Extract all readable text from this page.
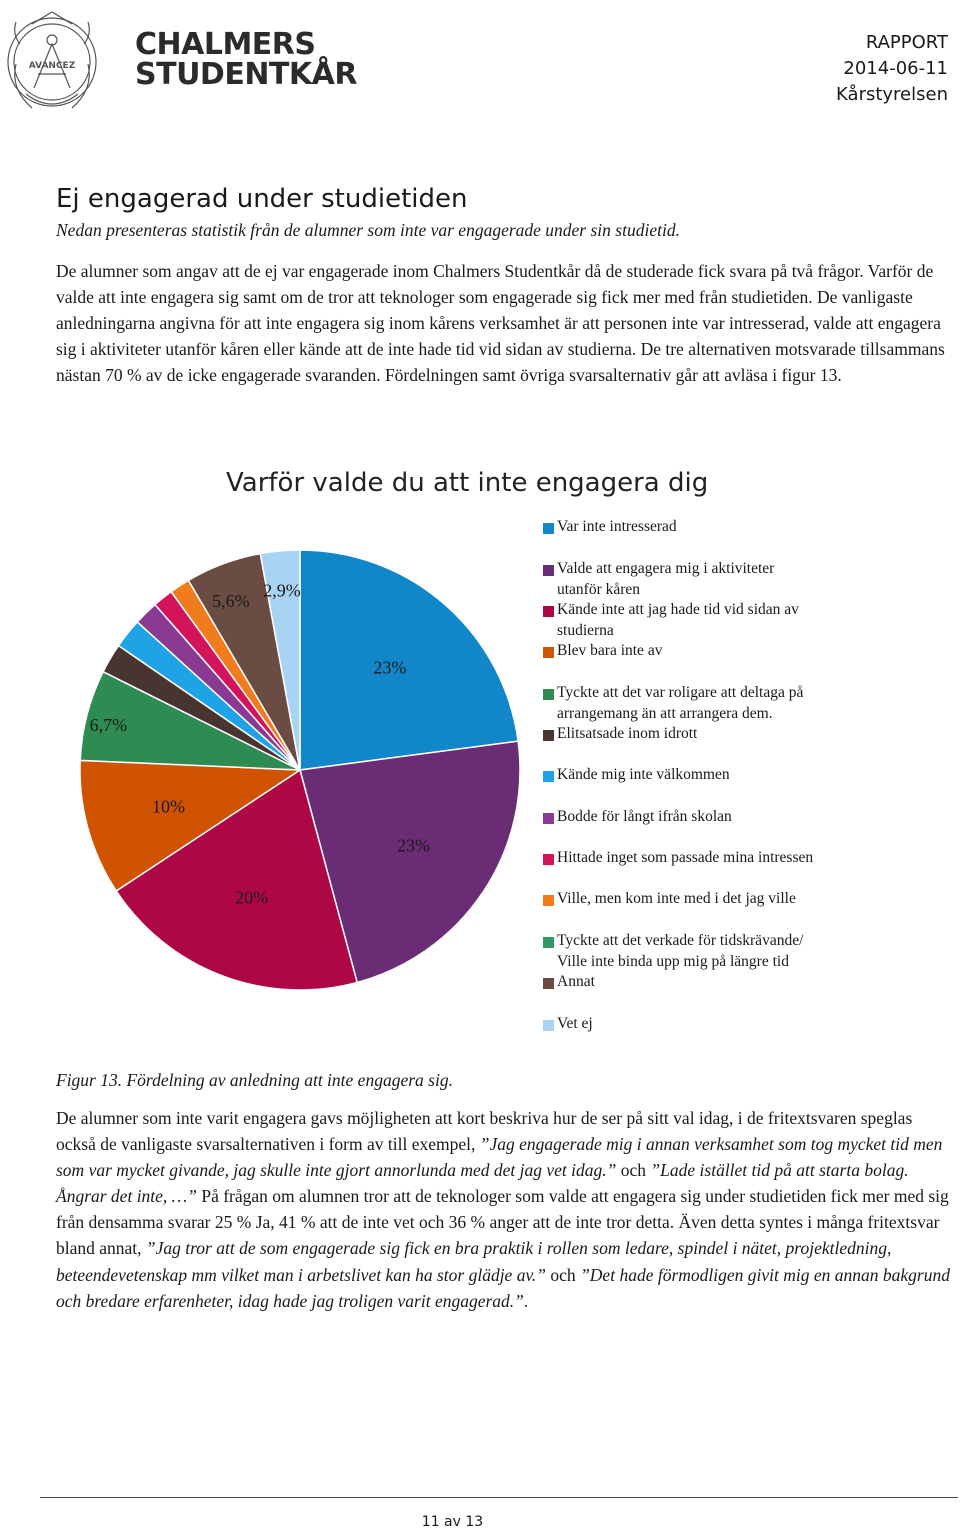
AVANCEZ
CHALMERS
STUDENTKÅR
RAPPORT
2014-06-11
Kårstyrelsen
Ej engagerad under studietiden
Nedan presenteras statistik från de alumner som inte var engagerade under sin studietid.
De alumner som angav att de ej var engagerade inom Chalmers Studentkår då de studerade fick svara på två frågor. Varför de valde att inte engagera sig samt om de tror att teknologer som engagerade sig fick mer med från studietiden. De vanligaste anledningarna angivna för att inte engagera sig inom kårens verksamhet är att personen inte var intresserad, valde att engagera sig i aktiviteter utanför kåren eller kände att de inte hade tid vid sidan av studierna. De tre alternativen motsvarade tillsammans nästan 70 % av de icke engagerade svaranden. Fördelningen samt övriga svarsalternativ går att avläsa i figur 13.
Varför valde du att inte engagera dig
23%
23%
20%
10%
6,7%
5,6%
2,9%
Var inte intresserad
Valde att engagera mig i aktiviteter
utanför kåren
Kände inte att jag hade tid vid sidan av
studierna
Blev bara inte av
Tyckte att det var roligare att deltaga på
arrangemang än att arrangera dem.
Elitsatsade inom idrott
Kände mig inte välkommen
Bodde för långt ifrån skolan
Hittade inget som passade mina intressen
Ville, men kom inte med i det jag ville
Tyckte att det verkade för tidskrävande/
Ville inte binda upp mig på längre tid
Annat
Vet ej
Figur 13. Fördelning av anledning att inte engagera sig.
De alumner som inte varit engagera gavs möjligheten att kort beskriva hur de ser på sitt val idag, i de fritextsvaren speglas också de vanligaste svarsalternativen i form av till exempel, ”Jag engagerade mig i annan verksamhet som tog mycket tid men som var mycket givande, jag skulle inte gjort annorlunda med det jag vet idag.” och ”Lade istället tid på att starta bolag. Ångrar det inte, …” På frågan om alumnen tror att de teknologer som valde att engagera sig under studietiden fick mer med sig från densamma svarar 25 % Ja, 41 % att de inte vet och 36 % anger att de inte tror detta. Även detta syntes i många fritextsvar bland annat, ”Jag tror att de som engagerade sig fick en bra praktik i rollen som ledare, spindel i nätet, projektledning, beteendevetenskap mm vilket man i arbetslivet kan ha stor glädje av.” och ”Det hade förmodligen givit mig en annan bakgrund och bredare erfarenheter, idag hade jag troligen varit engagerad.”.
11 av 13
